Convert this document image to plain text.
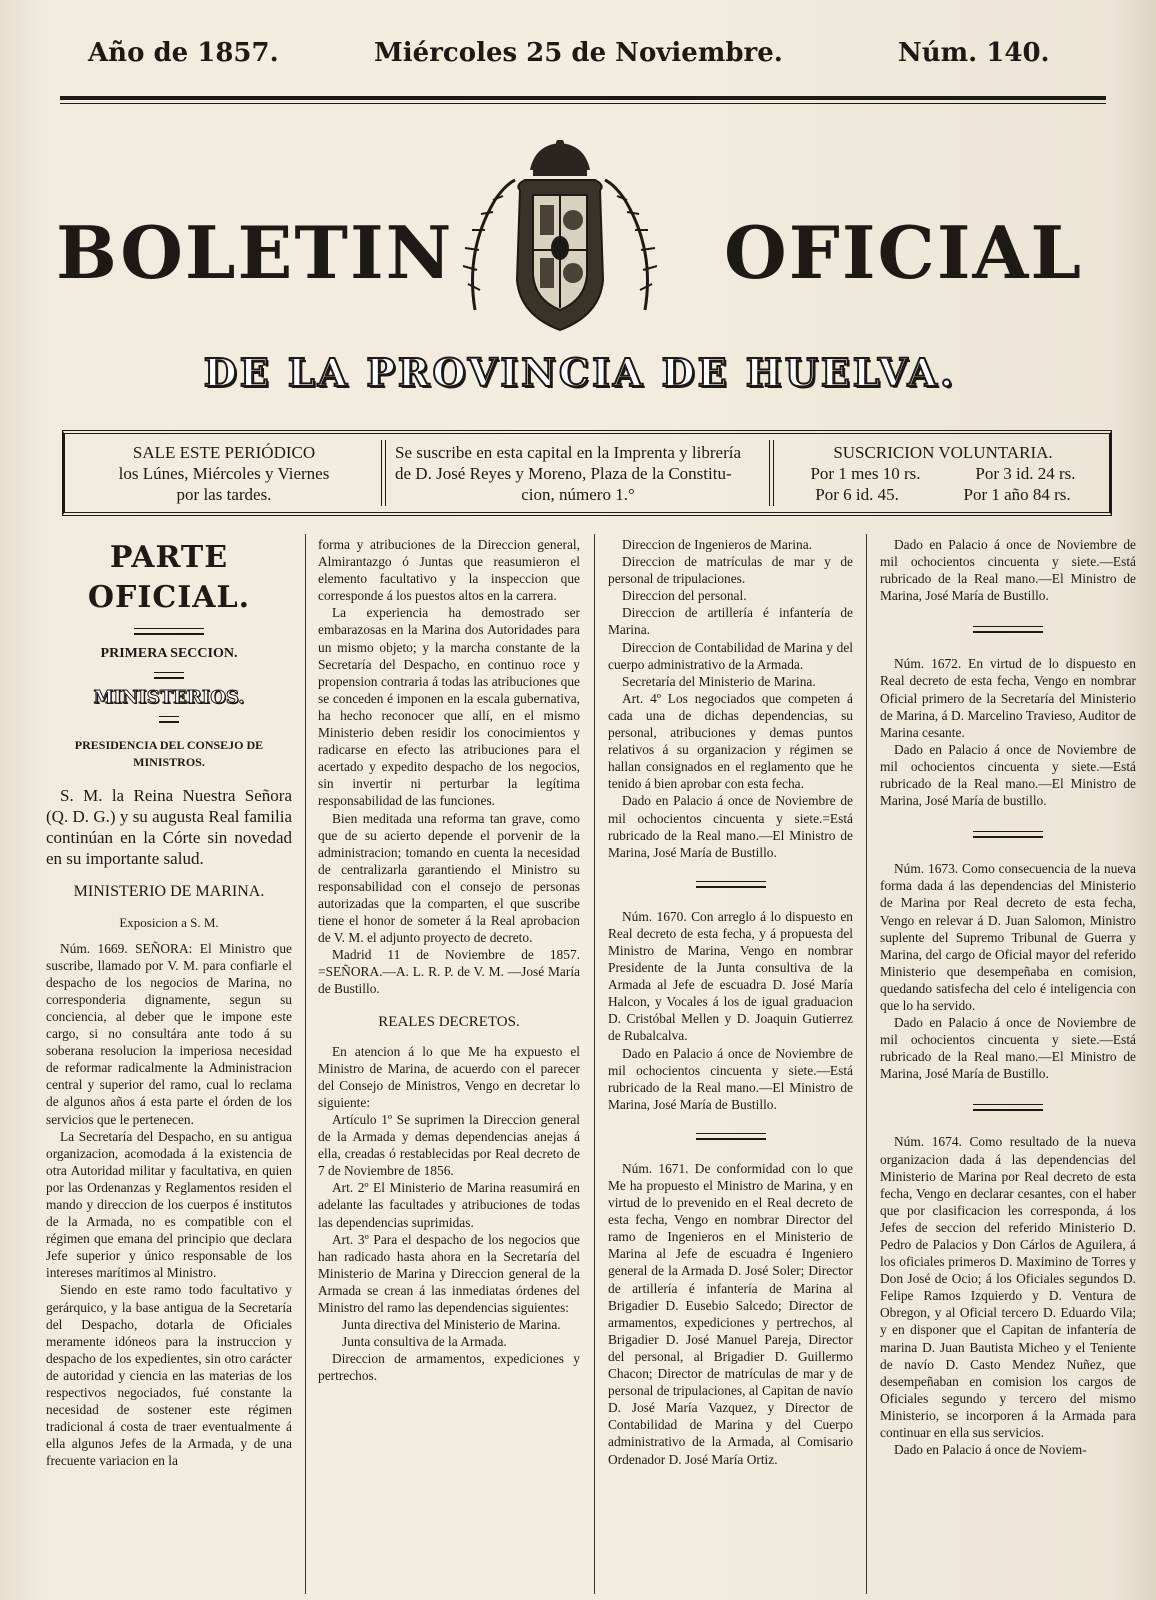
Año de 1857.	Miércoles 25 de Noviembre.	Núm. 140.
BOLETIN	OFICIAL
DE LA PROVINCIA DE HUELVA.
SALE ESTE PERIÓDICO
los Lúnes, Miércoles y Viernes
por las tardes.
Se suscribe en esta capital en la Imprenta y librería
de D. José Reyes y Moreno, Plaza de la Constitu-
cion, número 1.°
SUSCRICION VOLUNTARIA.
Por 1 mes 10 rs.	Por 3 id. 24 rs.
Por 6 id. 45.	Por 1 año 84 rs.
PARTE OFICIAL.
PRIMERA SECCION.
MINISTERIOS.
PRESIDENCIA DEL CONSEJO DE MINISTROS.

S. M. la Reina Nuestra Señora (Q. D. G.) y su augusta Real familia continúan en la Córte sin novedad en su importante salud.

MINISTERIO DE MARINA.
Exposicion a S. M.

Núm. 1669. SEÑORA: El Ministro que suscribe, llamado por V. M. para confiarle el despacho de los negocios de Marina, no corresponderia dignamente, segun su conciencia, al deber que le impone este cargo, si no consultára ante todo á su soberana resolucion la imperiosa necesidad de reformar radicalmente la Administracion central y superior del ramo, cual lo reclama de algunos años á esta parte el órden de los servicios que le pertenecen.

La Secretaría del Despacho, en su antigua organizacion, acomodada á la existencia de otra Autoridad militar y facultativa, en quien por las Ordenanzas y Reglamentos residen el mando y direccion de los cuerpos é institutos de la Armada, no es compatible con el régimen que emana del principio que declara Jefe superior y único responsable de los intereses marítimos al Ministro.

Siendo en este ramo todo facultativo y gerárquico, y la base antigua de la Secretaría del Despacho, dotarla de Oficiales meramente idóneos para la instruccion y despacho de los expedientes, sin otro carácter de autoridad y ciencia en las materias de los respectivos negociados, fué constante la necesidad de sostener este régimen tradicional á costa de traer eventualmente á ella algunos Jefes de la Armada, y de una frecuente variacion en la

forma y atribuciones de la Direccion general, Almirantazgo ó Juntas que reasumieron el elemento facultativo y la inspeccion que corresponde á los puestos altos en la carrera.

La experiencia ha demostrado ser embarazosas en la Marina dos Autoridades para un mismo objeto; y la marcha constante de la Secretaría del Despacho, en continuo roce y propension contraria á todas las atribuciones que se conceden é imponen en la escala gubernativa, ha hecho reconocer que allí, en el mismo Ministerio deben residir los conocimientos y radicarse en efecto las atribuciones para el acertado y expedito despacho de los negocios, sin invertir ni perturbar la legítima responsabilidad de las funciones.

Bien meditada una reforma tan grave, como que de su acierto depende el porvenir de la administracion; tomando en cuenta la necesidad de centralizarla garantiendo el Ministro su responsabilidad con el consejo de personas autorizadas que la comparten, el que suscribe tiene el honor de someter á la Real aprobacion de V. M. el adjunto proyecto de decreto.

Madrid 11 de Noviembre de 1857. =SEÑORA.—A. L. R. P. de V. M. —José María de Bustillo.

REALES DECRETOS.

En atencion á lo que Me ha expuesto el Ministro de Marina, de acuerdo con el parecer del Consejo de Ministros, Vengo en decretar lo siguiente:

Artículo 1º Se suprimen la Direccion general de la Armada y demas dependencias anejas á ella, creadas ó restablecidas por Real decreto de 7 de Noviembre de 1856.

Art. 2º El Ministerio de Marina reasumirá en adelante las facultades y atribuciones de todas las dependencias suprimidas.

Art. 3º Para el despacho de los negocios que han radicado hasta ahora en la Secretaría del Ministerio de Marina y Direccion general de la Armada se crean á las inmediatas órdenes del Ministro del ramo las dependencias siguientes:

Junta directiva del Ministerio de Marina.

Junta consultiva de la Armada.

Direccion de armamentos, expediciones y pertrechos.

Direccion de Ingenieros de Marina.

Direccion de matrículas de mar y de personal de tripulaciones.

Direccion del personal.

Direccion de artillería é infantería de Marina.

Direccion de Contabilidad de Marina y del cuerpo administrativo de la Armada.

Secretaría del Ministerio de Marina.

Art. 4º Los negociados que competen á cada una de dichas dependencias, su personal, atribuciones y demas puntos relativos á su organizacion y régimen se hallan consignados en el reglamento que he tenido á bien aprobar con esta fecha.

Dado en Palacio á once de Noviembre de mil ochocientos cincuenta y siete.=Está rubricado de la Real mano.—El Ministro de Marina, José María de Bustillo.

Núm. 1670. Con arreglo á lo dispuesto en Real decreto de esta fecha, y á propuesta del Ministro de Marina, Vengo en nombrar Presidente de la Junta consultiva de la Armada al Jefe de escuadra D. José María Halcon, y Vocales á los de igual graduacion D. Cristóbal Mellen y D. Joaquin Gutierrez de Rubalcalva.

Dado en Palacio á once de Noviembre de mil ochocientos cincuenta y siete.—Está rubricado de la Real mano.—El Ministro de Marina, José María de Bustillo.

Núm. 1671. De conformidad con lo que Me ha propuesto el Ministro de Marina, y en virtud de lo prevenido en el Real decreto de esta fecha, Vengo en nombrar Director del ramo de Ingenieros en el Ministerio de Marina al Jefe de escuadra é Ingeniero general de la Armada D. José Soler; Director de artillería é infantería de Marina al Brigadier D. Eusebio Salcedo; Director de armamentos, expediciones y pertrechos, al Brigadier D. José Manuel Pareja, Director del personal, al Brigadier D. Guillermo Chacon; Director de matrículas de mar y de personal de tripulaciones, al Capitan de navío D. José María Vazquez, y Director de Contabilidad de Marina y del Cuerpo administrativo de la Armada, al Comisario Ordenador D. José María Ortiz.

Dado en Palacio á once de Noviembre de mil ochocientos cincuenta y siete.—Está rubricado de la Real mano.—El Ministro de Marina, José María de Bustillo.

Núm. 1672. En virtud de lo dispuesto en Real decreto de esta fecha, Vengo en nombrar Oficial primero de la Secretaría del Ministerio de Marina, á D. Marcelino Travieso, Auditor de Marina cesante.

Dado en Palacio á once de Noviembre de mil ochocientos cincuenta y siete.—Está rubricado de la Real mano.—El Ministro de Marina, José María de bustillo.

Núm. 1673. Como consecuencia de la nueva forma dada á las dependencias del Ministerio de Marina por Real decreto de esta fecha, Vengo en relevar á D. Juan Salomon, Ministro suplente del Supremo Tribunal de Guerra y Marina, del cargo de Oficial mayor del referido Ministerio que desempeñaba en comision, quedando satisfecha del celo é inteligencia con que lo ha servido.

Dado en Palacio á once de Noviembre de mil ochocientos cincuenta y siete.—Está rubricado de la Real mano.—El Ministro de Marina, José María de Bustillo.

Núm. 1674. Como resultado de la nueva organizacion dada á las dependencias del Ministerio de Marina por Real decreto de esta fecha, Vengo en declarar cesantes, con el haber que por clasificacion les corresponda, á los Jefes de seccion del referido Ministerio D. Pedro de Palacios y Don Cárlos de Aguilera, á los oficiales primeros D. Maximino de Torres y Don José de Ocio; á los Oficiales segundos D. Felipe Ramos Izquierdo y D. Ventura de Obregon, y al Oficial tercero D. Eduardo Vila; y en disponer que el Capitan de infantería de marina D. Juan Bautista Micheo y el Teniente de navío D. Casto Mendez Nuñez, que desempeñaban en comision los cargos de Oficiales segundo y tercero del mismo Ministerio, se incorporen á la Armada para continuar en ella sus servicios.

Dado en Palacio á once de Noviem-
